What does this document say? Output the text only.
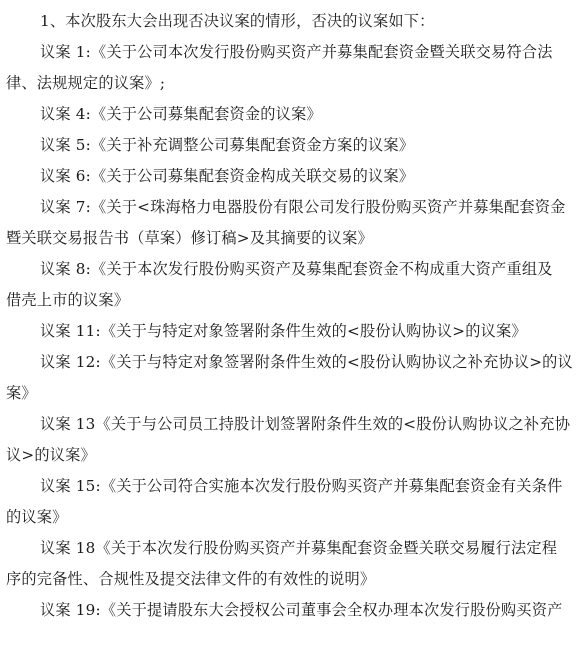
1、本次股东大会出现否决议案的情形，否决的议案如下：
议案 1:《关于公司本次发行股份购买资产并募集配套资金暨关联交易符合法
律、法规规定的议案》;
议案 4:《关于公司募集配套资金的议案》
议案 5:《关于补充调整公司募集配套资金方案的议案》
议案 6:《关于公司募集配套资金构成关联交易的议案》
议案 7:《关于<珠海格力电器股份有限公司发行股份购买资产并募集配套资金
暨关联交易报告书（草案）修订稿>及其摘要的议案》
议案 8:《关于本次发行股份购买资产及募集配套资金不构成重大资产重组及
借壳上市的议案》
议案 11:《关于与特定对象签署附条件生效的<股份认购协议>的议案》
议案 12:《关于与特定对象签署附条件生效的<股份认购协议之补充协议>的议
案》
议案 13《关于与公司员工持股计划签署附条件生效的<股份认购协议之补充协
议>的议案》
议案 15:《关于公司符合实施本次发行股份购买资产并募集配套资金有关条件
的议案》
议案 18《关于本次发行股份购买资产并募集配套资金暨关联交易履行法定程
序的完备性、合规性及提交法律文件的有效性的说明》
议案 19:《关于提请股东大会授权公司董事会全权办理本次发行股份购买资产
